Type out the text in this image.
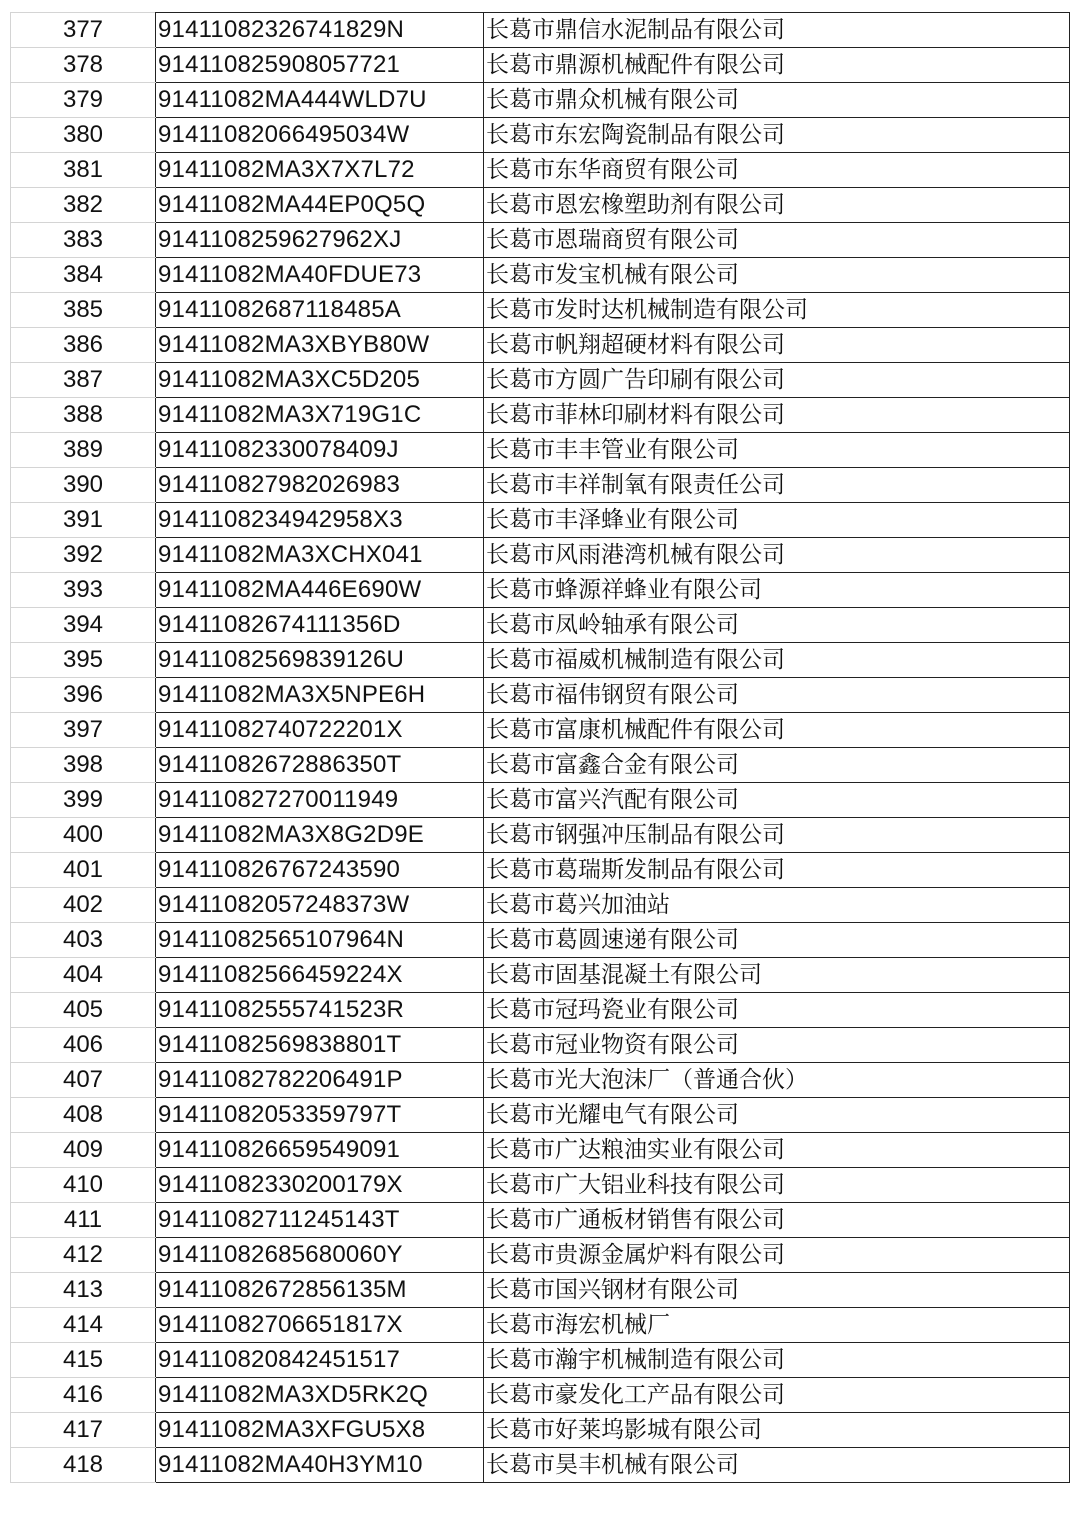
377	91411082326741829N	长葛市鼎信水泥制品有限公司
378	914110825908057721	长葛市鼎源机械配件有限公司
379	91411082MA444WLD7U	长葛市鼎众机械有限公司
380	91411082066495034W	长葛市东宏陶瓷制品有限公司
381	91411082MA3X7X7L72	长葛市东华商贸有限公司
382	91411082MA44EP0Q5Q	长葛市恩宏橡塑助剂有限公司
383	9141108259627962XJ	长葛市恩瑞商贸有限公司
384	91411082MA40FDUE73	长葛市发宝机械有限公司
385	91411082687118485A	长葛市发时达机械制造有限公司
386	91411082MA3XBYB80W	长葛市帆翔超硬材料有限公司
387	91411082MA3XC5D205	长葛市方圆广告印刷有限公司
388	91411082MA3X719G1C	长葛市菲林印刷材料有限公司
389	91411082330078409J	长葛市丰丰管业有限公司
390	914110827982026983	长葛市丰祥制氧有限责任公司
391	9141108234942958X3	长葛市丰泽蜂业有限公司
392	91411082MA3XCHX041	长葛市风雨港湾机械有限公司
393	91411082MA446E690W	长葛市蜂源祥蜂业有限公司
394	91411082674111356D	长葛市凤岭轴承有限公司
395	91411082569839126U	长葛市福威机械制造有限公司
396	91411082MA3X5NPE6H	长葛市福伟钢贸有限公司
397	91411082740722201X	长葛市富康机械配件有限公司
398	91411082672886350T	长葛市富鑫合金有限公司
399	914110827270011949	长葛市富兴汽配有限公司
400	91411082MA3X8G2D9E	长葛市钢强冲压制品有限公司
401	914110826767243590	长葛市葛瑞斯发制品有限公司
402	91411082057248373W	长葛市葛兴加油站
403	91411082565107964N	长葛市葛圆速递有限公司
404	91411082566459224X	长葛市固基混凝土有限公司
405	91411082555741523R	长葛市冠玛瓷业有限公司
406	91411082569838801T	长葛市冠业物资有限公司
407	91411082782206491P	长葛市光大泡沫厂（普通合伙）
408	91411082053359797T	长葛市光耀电气有限公司
409	914110826659549091	长葛市广达粮油实业有限公司
410	91411082330200179X	长葛市广大铝业科技有限公司
411	91411082711245143T	长葛市广通板材销售有限公司
412	91411082685680060Y	长葛市贵源金属炉料有限公司
413	91411082672856135M	长葛市国兴钢材有限公司
414	91411082706651817X	长葛市海宏机械厂
415	914110820842451517	长葛市瀚宇机械制造有限公司
416	91411082MA3XD5RK2Q	长葛市豪发化工产品有限公司
417	91411082MA3XFGU5X8	长葛市好莱坞影城有限公司
418	91411082MA40H3YM10	长葛市昊丰机械有限公司
